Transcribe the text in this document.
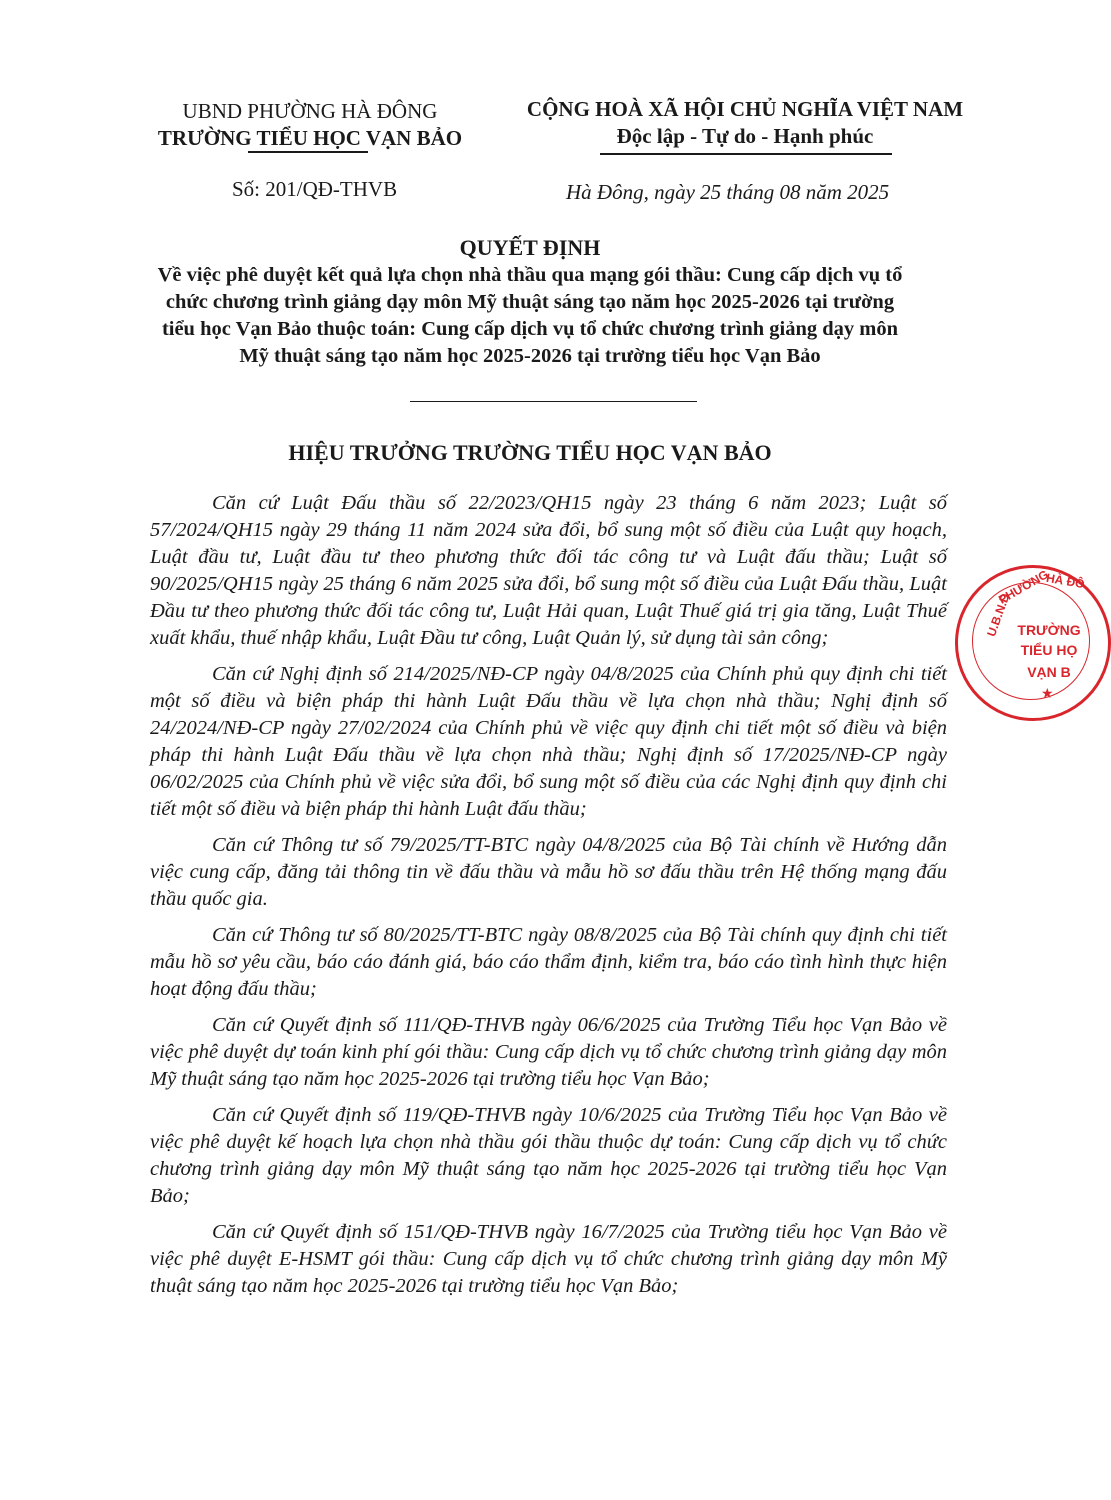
UBND PHƯỜNG HÀ ĐÔNG
TRƯỜNG TIỂU HỌC VẠN BẢO
CỘNG HOÀ XÃ HỘI CHỦ NGHĨA VIỆT NAM
Độc lập - Tự do - Hạnh phúc
Số: 201/QĐ-THVB	Hà Đông, ngày 25 tháng 08 năm 2025
QUYẾT ĐỊNH
Về việc phê duyệt kết quả lựa chọn nhà thầu qua mạng gói thầu: Cung cấp dịch vụ tổ chức chương trình giảng dạy môn Mỹ thuật sáng tạo năm học 2025-2026 tại trường tiểu học Vạn Bảo thuộc toán: Cung cấp dịch vụ tổ chức chương trình giảng dạy môn Mỹ thuật sáng tạo năm học 2025-2026 tại trường tiểu học Vạn Bảo
HIỆU TRƯỞNG TRƯỜNG TIỂU HỌC VẠN BẢO

Căn cứ Luật Đấu thầu số 22/2023/QH15 ngày 23 tháng 6 năm 2023; Luật số 57/2024/QH15 ngày 29 tháng 11 năm 2024 sửa đổi, bổ sung một số điều của Luật quy hoạch, Luật đầu tư, Luật đầu tư theo phương thức đối tác công tư và Luật đấu thầu; Luật số 90/2025/QH15 ngày 25 tháng 6 năm 2025 sửa đổi, bổ sung một số điều của Luật Đấu thầu, Luật Đầu tư theo phương thức đối tác công tư, Luật Hải quan, Luật Thuế giá trị gia tăng, Luật Thuế xuất khẩu, thuế nhập khẩu, Luật Đầu tư công, Luật Quản lý, sử dụng tài sản công;

Căn cứ Nghị định số 214/2025/NĐ-CP ngày 04/8/2025 của Chính phủ quy định chi tiết một số điều và biện pháp thi hành Luật Đấu thầu về lựa chọn nhà thầu; Nghị định số 24/2024/NĐ-CP ngày 27/02/2024 của Chính phủ về việc quy định chi tiết một số điều và biện pháp thi hành Luật Đấu thầu về lựa chọn nhà thầu; Nghị định số 17/2025/NĐ-CP ngày 06/02/2025 của Chính phủ về việc sửa đổi, bổ sung một số điều của các Nghị định quy định chi tiết một số điều và biện pháp thi hành Luật đấu thầu;

Căn cứ Thông tư số 79/2025/TT-BTC ngày 04/8/2025 của Bộ Tài chính về Hướng dẫn việc cung cấp, đăng tải thông tin về đấu thầu và mẫu hồ sơ đấu thầu trên Hệ thống mạng đấu thầu quốc gia.

Căn cứ Thông tư số 80/2025/TT-BTC ngày 08/8/2025 của Bộ Tài chính quy định chi tiết mẫu hồ sơ yêu cầu, báo cáo đánh giá, báo cáo thẩm định, kiểm tra, báo cáo tình hình thực hiện hoạt động đấu thầu;

Căn cứ Quyết định số 111/QĐ-THVB ngày 06/6/2025 của Trường Tiểu học Vạn Bảo về việc phê duyệt dự toán kinh phí gói thầu: Cung cấp dịch vụ tổ chức chương trình giảng dạy môn Mỹ thuật sáng tạo năm học 2025-2026 tại trường tiểu học Vạn Bảo;

Căn cứ Quyết định số 119/QĐ-THVB ngày 10/6/2025 của Trường Tiểu học Vạn Bảo về việc phê duyệt kế hoạch lựa chọn nhà thầu gói thầu thuộc dự toán: Cung cấp dịch vụ tổ chức chương trình giảng dạy môn Mỹ thuật sáng tạo năm học 2025-2026 tại trường tiểu học Vạn Bảo;

Căn cứ Quyết định số 151/QĐ-THVB ngày 16/7/2025 của Trường tiểu học Vạn Bảo về việc phê duyệt E-HSMT gói thầu: Cung cấp dịch vụ tổ chức chương trình giảng dạy môn Mỹ thuật sáng tạo năm học 2025-2026 tại trường tiểu học Vạn Bảo;

U.B.N.D
PHƯỜNG
HÀ ĐÔ
TRƯỜNG
TIỂU HỌ
VẠN B
★
